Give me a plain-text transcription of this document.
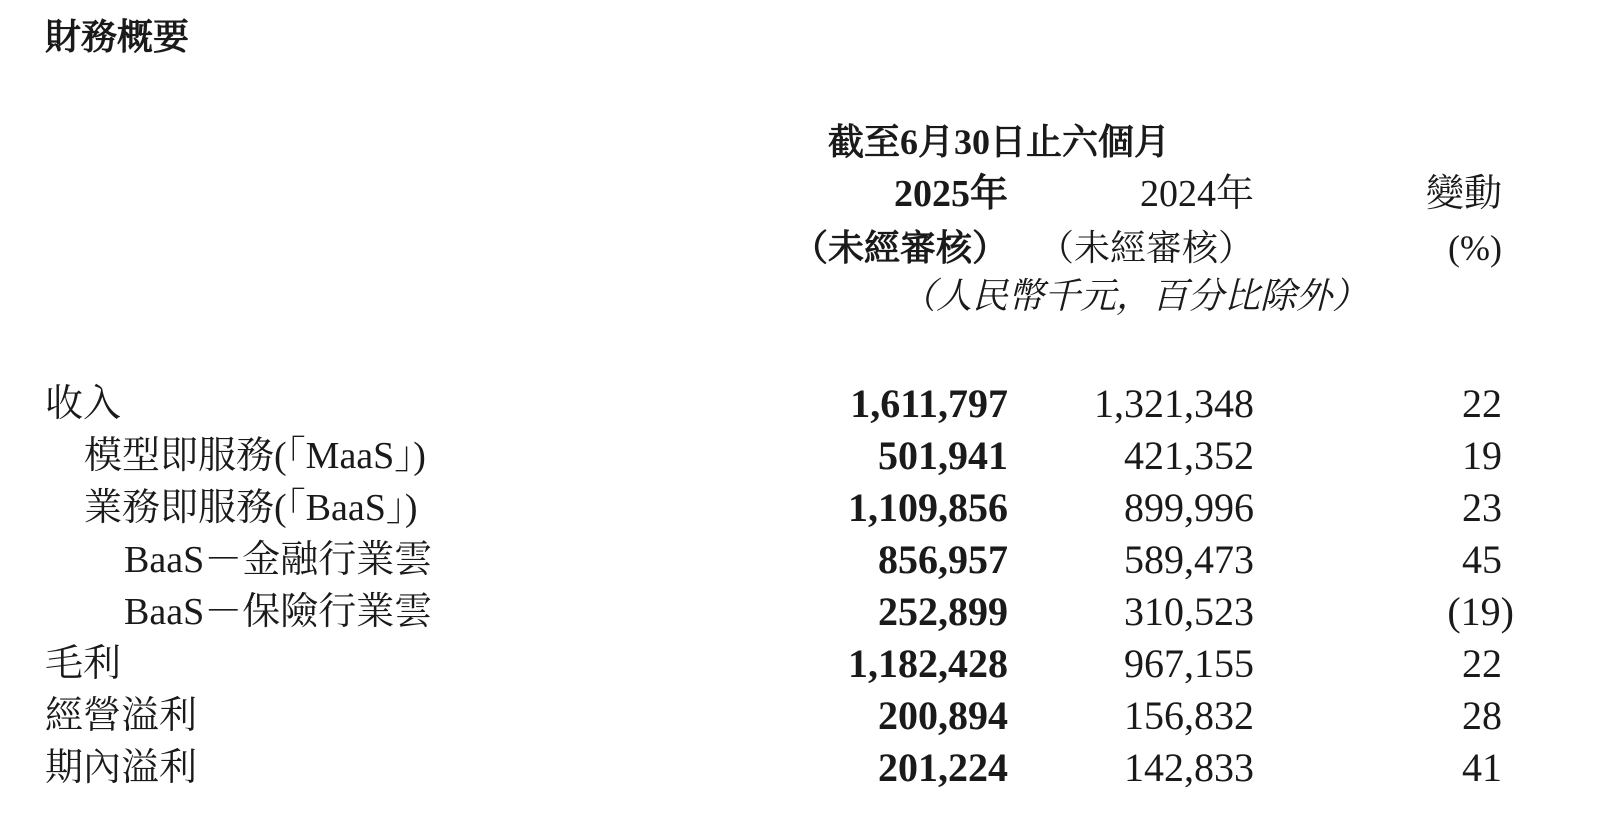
財務概要
截至6月30日止六個月
2025年	2024年	變動
（未經審核） （未經審核）	(%)
（人民幣千元，百分比除外）
收入	1,611,797 1,321,348	22
模型即服務(「MaaS」)	501,941	421,352	19
業務即服務(「BaaS」)	1,109,856	899,996	23
BaaS－金融行業雲	856,957	589,473	45
BaaS－保險行業雲	252,899	310,523	(19)
毛利	1,182,428	967,155	22
經營溢利	200,894	156,832	28
期內溢利	201,224	142,833	41
